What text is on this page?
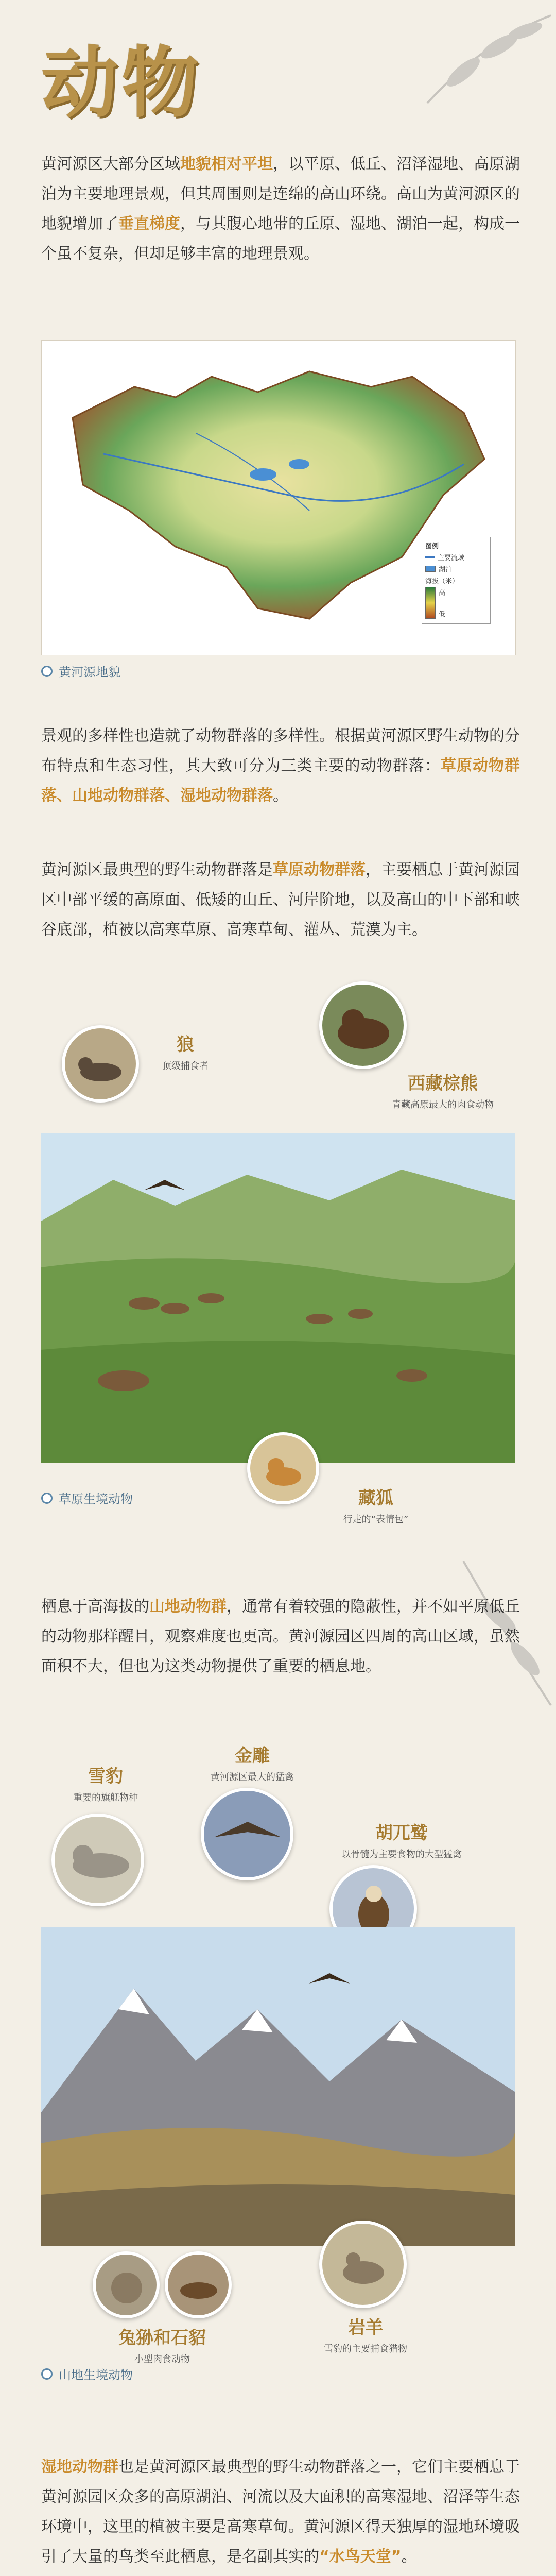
动物
黄河源区大部分区域地貌相对平坦，以平原、低丘、沼泽湿地、高原湖泊为主要地理景观，但其周围则是连绵的高山环绕。高山为黄河源区的地貌增加了垂直梯度，与其腹心地带的丘原、湿地、湖泊一起，构成一个虽不复杂，但却足够丰富的地理景观。
图例
主要流域
湖泊
海拔（米）
高
低
黄河源地貌
景观的多样性也造就了动物群落的多样性。根据黄河源区野生动物的分布特点和生态习性，其大致可分为三类主要的动物群落：草原动物群落、山地动物群落、湿地动物群落。
黄河源区最典型的野生动物群落是草原动物群落，主要栖息于黄河源园区中部平缓的高原面、低矮的山丘、河岸阶地，以及高山的中下部和峡谷底部，植被以高寒草原、高寒草甸、灌丛、荒漠为主。
狼
顶级捕食者
西藏棕熊
青藏高原最大的肉食动物
藏狐
行走的“表情包”
草原生境动物
栖息于高海拔的山地动物群，通常有着较强的隐蔽性，并不如平原低丘的动物那样醒目，观察难度也更高。黄河源园区四周的高山区域，虽然面积不大，但也为这类动物提供了重要的栖息地。
雪豹
重要的旗舰物种
金雕
黄河源区最大的猛禽
胡兀鹫
以骨髓为主要食物的大型猛禽
兔狲和石貂
小型肉食动物
岩羊
雪豹的主要捕食猎物
山地生境动物
湿地动物群也是黄河源区最典型的野生动物群落之一，它们主要栖息于黄河源园区众多的高原湖泊、河流以及大面积的高寒湿地、沼泽等生态环境中，这里的植被主要是高寒草甸。黄河源区得天独厚的湿地环境吸引了大量的鸟类至此栖息，是名副其实的“水鸟天堂”。
